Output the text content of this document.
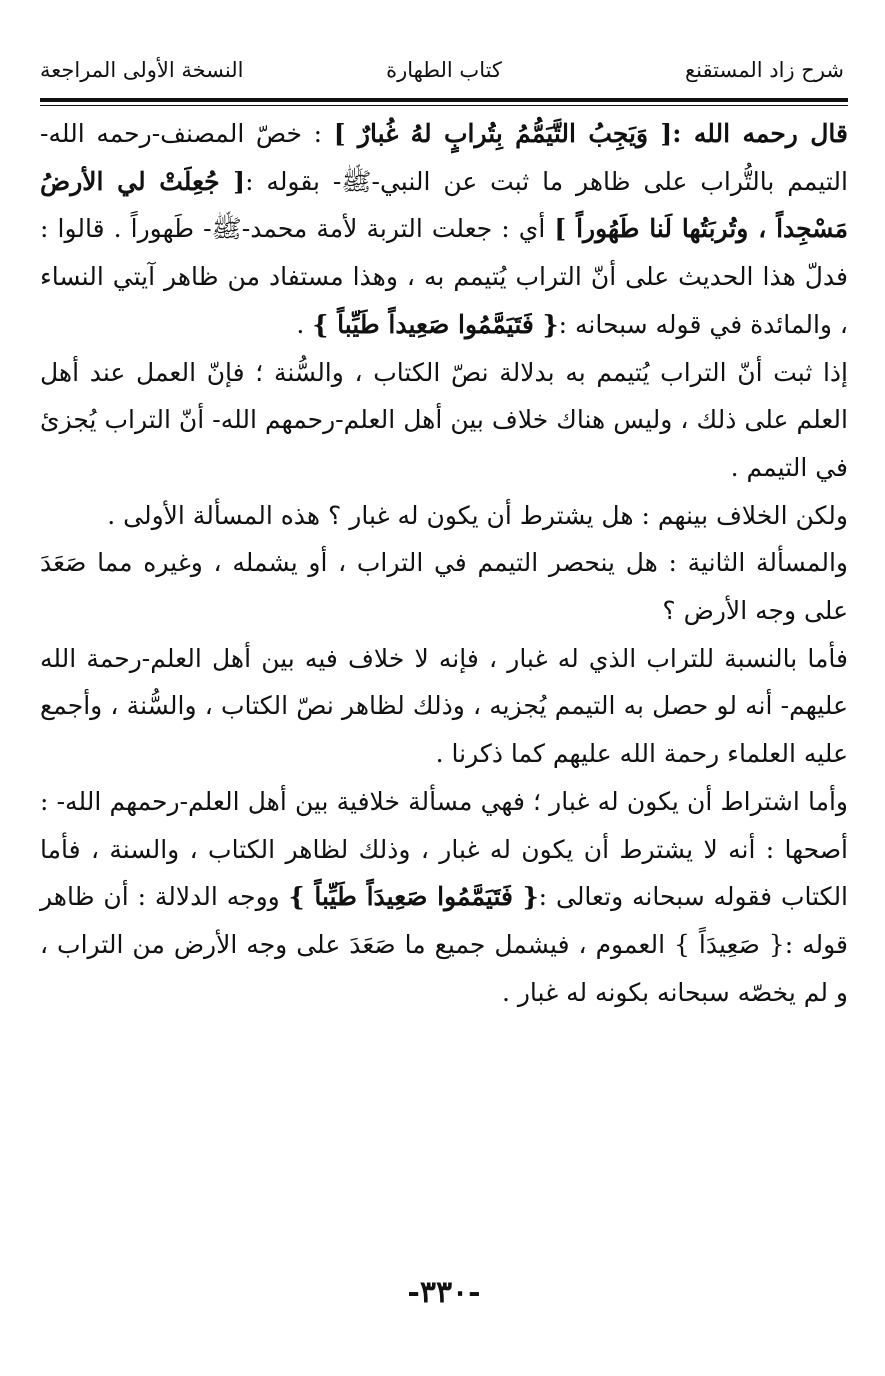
شرح زاد المستقنع
كتاب الطهارة
النسخة الأولى المراجعة

قال رحمه الله :[ وَيَجِبُ التَّيَمُّمُ بِتُرابٍ لهُ غُبارٌ ] : خصّ المصنف-رحمه الله- التيمم بالتُّراب على ظاهر ما ثبت عن النبي-ﷺ- بقوله :[ جُعِلَتْ لي الأرضُ مَسْجِداً ، وتُربَتُها لَنا طَهُوراً ] أي : جعلت التربة لأمة محمد-ﷺ- طَهوراً . قالوا : فدلّ هذا الحديث على أنّ التراب يُتيمم به ، وهذا مستفاد من ظاهر آيتي النساء ، والمائدة في قوله سبحانه :{ فَتَيَمَّمُوا صَعِيداً طَيِّباً } .

إذا ثبت أنّ التراب يُتيمم به بدلالة نصّ الكتاب ، والسُّنة ؛ فإنّ العمل عند أهل العلم على ذلك ، وليس هناك خلاف بين أهل العلم-رحمهم الله- أنّ التراب يُجزئ في التيمم .

ولكن الخلاف بينهم : هل يشترط أن يكون له غبار ؟ هذه المسألة الأولى .

والمسألة الثانية : هل ينحصر التيمم في التراب ، أو يشمله ، وغيره مما صَعَدَ على وجه الأرض ؟

فأما بالنسبة للتراب الذي له غبار ، فإنه لا خلاف فيه بين أهل العلم-رحمة الله عليهم- أنه لو حصل به التيمم يُجزيه ، وذلك لظاهر نصّ الكتاب ، والسُّنة ، وأجمع عليه العلماء رحمة الله عليهم كما ذكرنا .

وأما اشتراط أن يكون له غبار ؛ فهي مسألة خلافية بين أهل العلم-رحمهم الله- : أصحها : أنه لا يشترط أن يكون له غبار ، وذلك لظاهر الكتاب ، والسنة ، فأما الكتاب فقوله سبحانه وتعالى :{ فَتَيَمَّمُوا صَعِيدَاً طَيِّباً } ووجه الدلالة : أن ظاهر قوله :{ صَعِيدَاً } العموم ، فيشمل جميع ما صَعَدَ على وجه الأرض من التراب ، و لم يخصّه سبحانه بكونه له غبار .

-٣٣٠-
